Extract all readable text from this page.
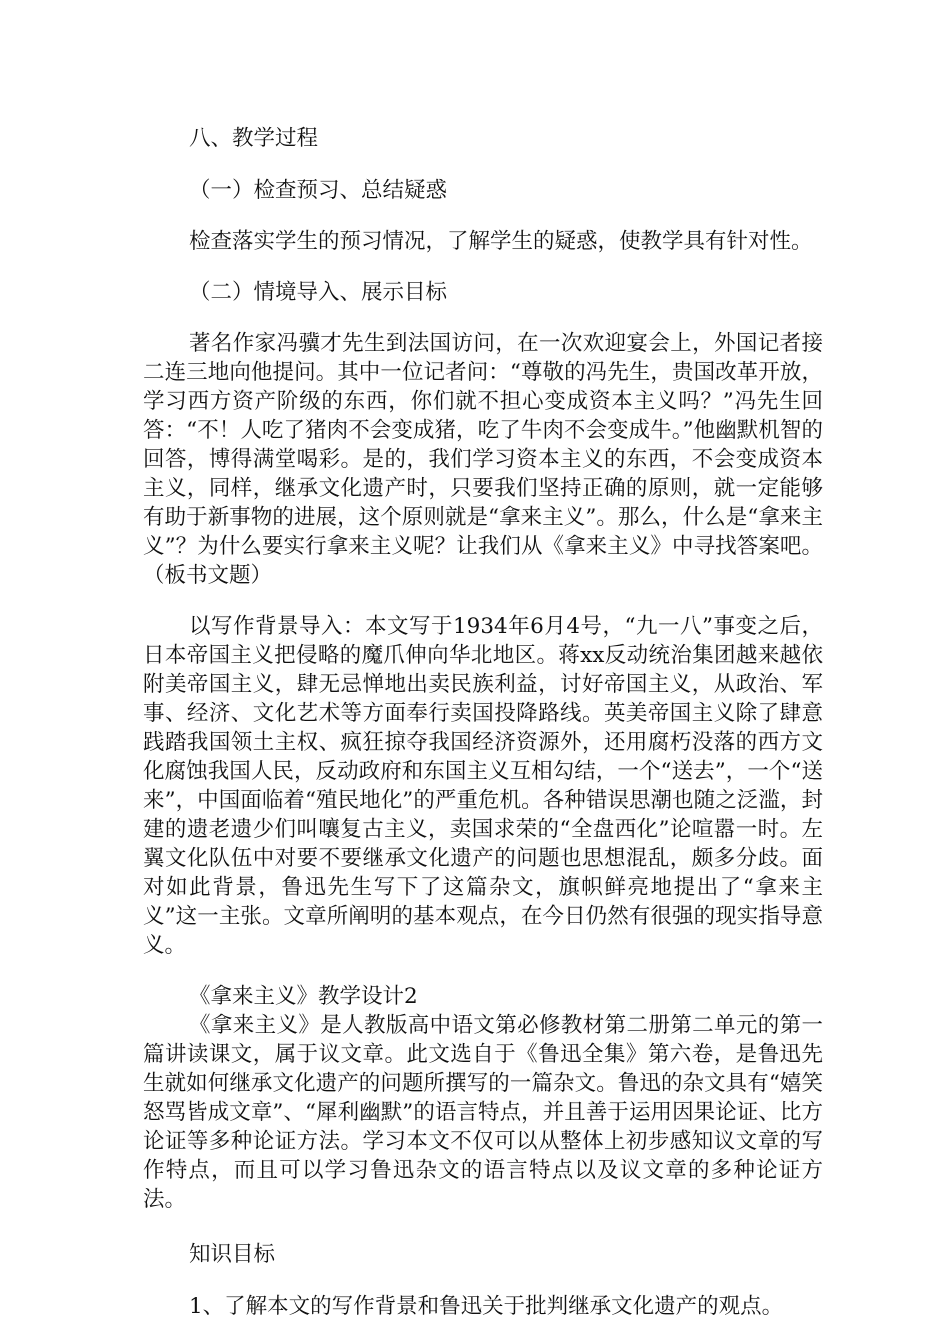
八、教学过程

（一）检查预习、总结疑惑

检查落实学生的预习情况，了解学生的疑惑，使教学具有针对性。

（二）情境导入、展示目标

著名作家冯骥才先生到法国访问，在一次欢迎宴会上，外国记者接二连三地向他提问。其中一位记者问：“尊敬的冯先生，贵国改革开放，学习西方资产阶级的东西，你们就不担心变成资本主义吗？”冯先生回答：“不！人吃了猪肉不会变成猪，吃了牛肉不会变成牛。”他幽默机智的回答，博得满堂喝彩。是的，我们学习资本主义的东西，不会变成资本主义，同样，继承文化遗产时，只要我们坚持正确的原则，就一定能够有助于新事物的进展，这个原则就是“拿来主义”。那么，什么是“拿来主义”？为什么要实行拿来主义呢？让我们从《拿来主义》中寻找答案吧。（板书文题）

以写作背景导入：本文写于1934年6月4号，“九一八”事变之后，日本帝国主义把侵略的魔爪伸向华北地区。蒋xx反动统治集团越来越依附美帝国主义，肆无忌惮地出卖民族利益，讨好帝国主义，从政治、军事、经济、文化艺术等方面奉行卖国投降路线。英美帝国主义除了肆意践踏我国领土主权、疯狂掠夺我国经济资源外，还用腐朽没落的西方文化腐蚀我国人民，反动政府和东国主义互相勾结，一个“送去”，一个“送来”，中国面临着“殖民地化”的严重危机。各种错误思潮也随之泛滥，封建的遗老遗少们叫嚷复古主义，卖国求荣的“全盘西化”论喧嚣一时。左翼文化队伍中对要不要继承文化遗产的问题也思想混乱，颇多分歧。面对如此背景，鲁迅先生写下了这篇杂文，旗帜鲜亮地提出了“拿来主义”这一主张。文章所阐明的基本观点，在今日仍然有很强的现实指导意义。

《拿来主义》教学设计2

《拿来主义》是人教版高中语文第必修教材第二册第二单元的第一篇讲读课文，属于议文章。此文选自于《鲁迅全集》第六卷，是鲁迅先生就如何继承文化遗产的问题所撰写的一篇杂文。鲁迅的杂文具有“嬉笑怒骂皆成文章”、“犀利幽默”的语言特点，并且善于运用因果论证、比方论证等多种论证方法。学习本文不仅可以从整体上初步感知议文章的写作特点，而且可以学习鲁迅杂文的语言特点以及议文章的多种论证方法。

知识目标

1、了解本文的写作背景和鲁迅关于批判继承文化遗产的观点。
